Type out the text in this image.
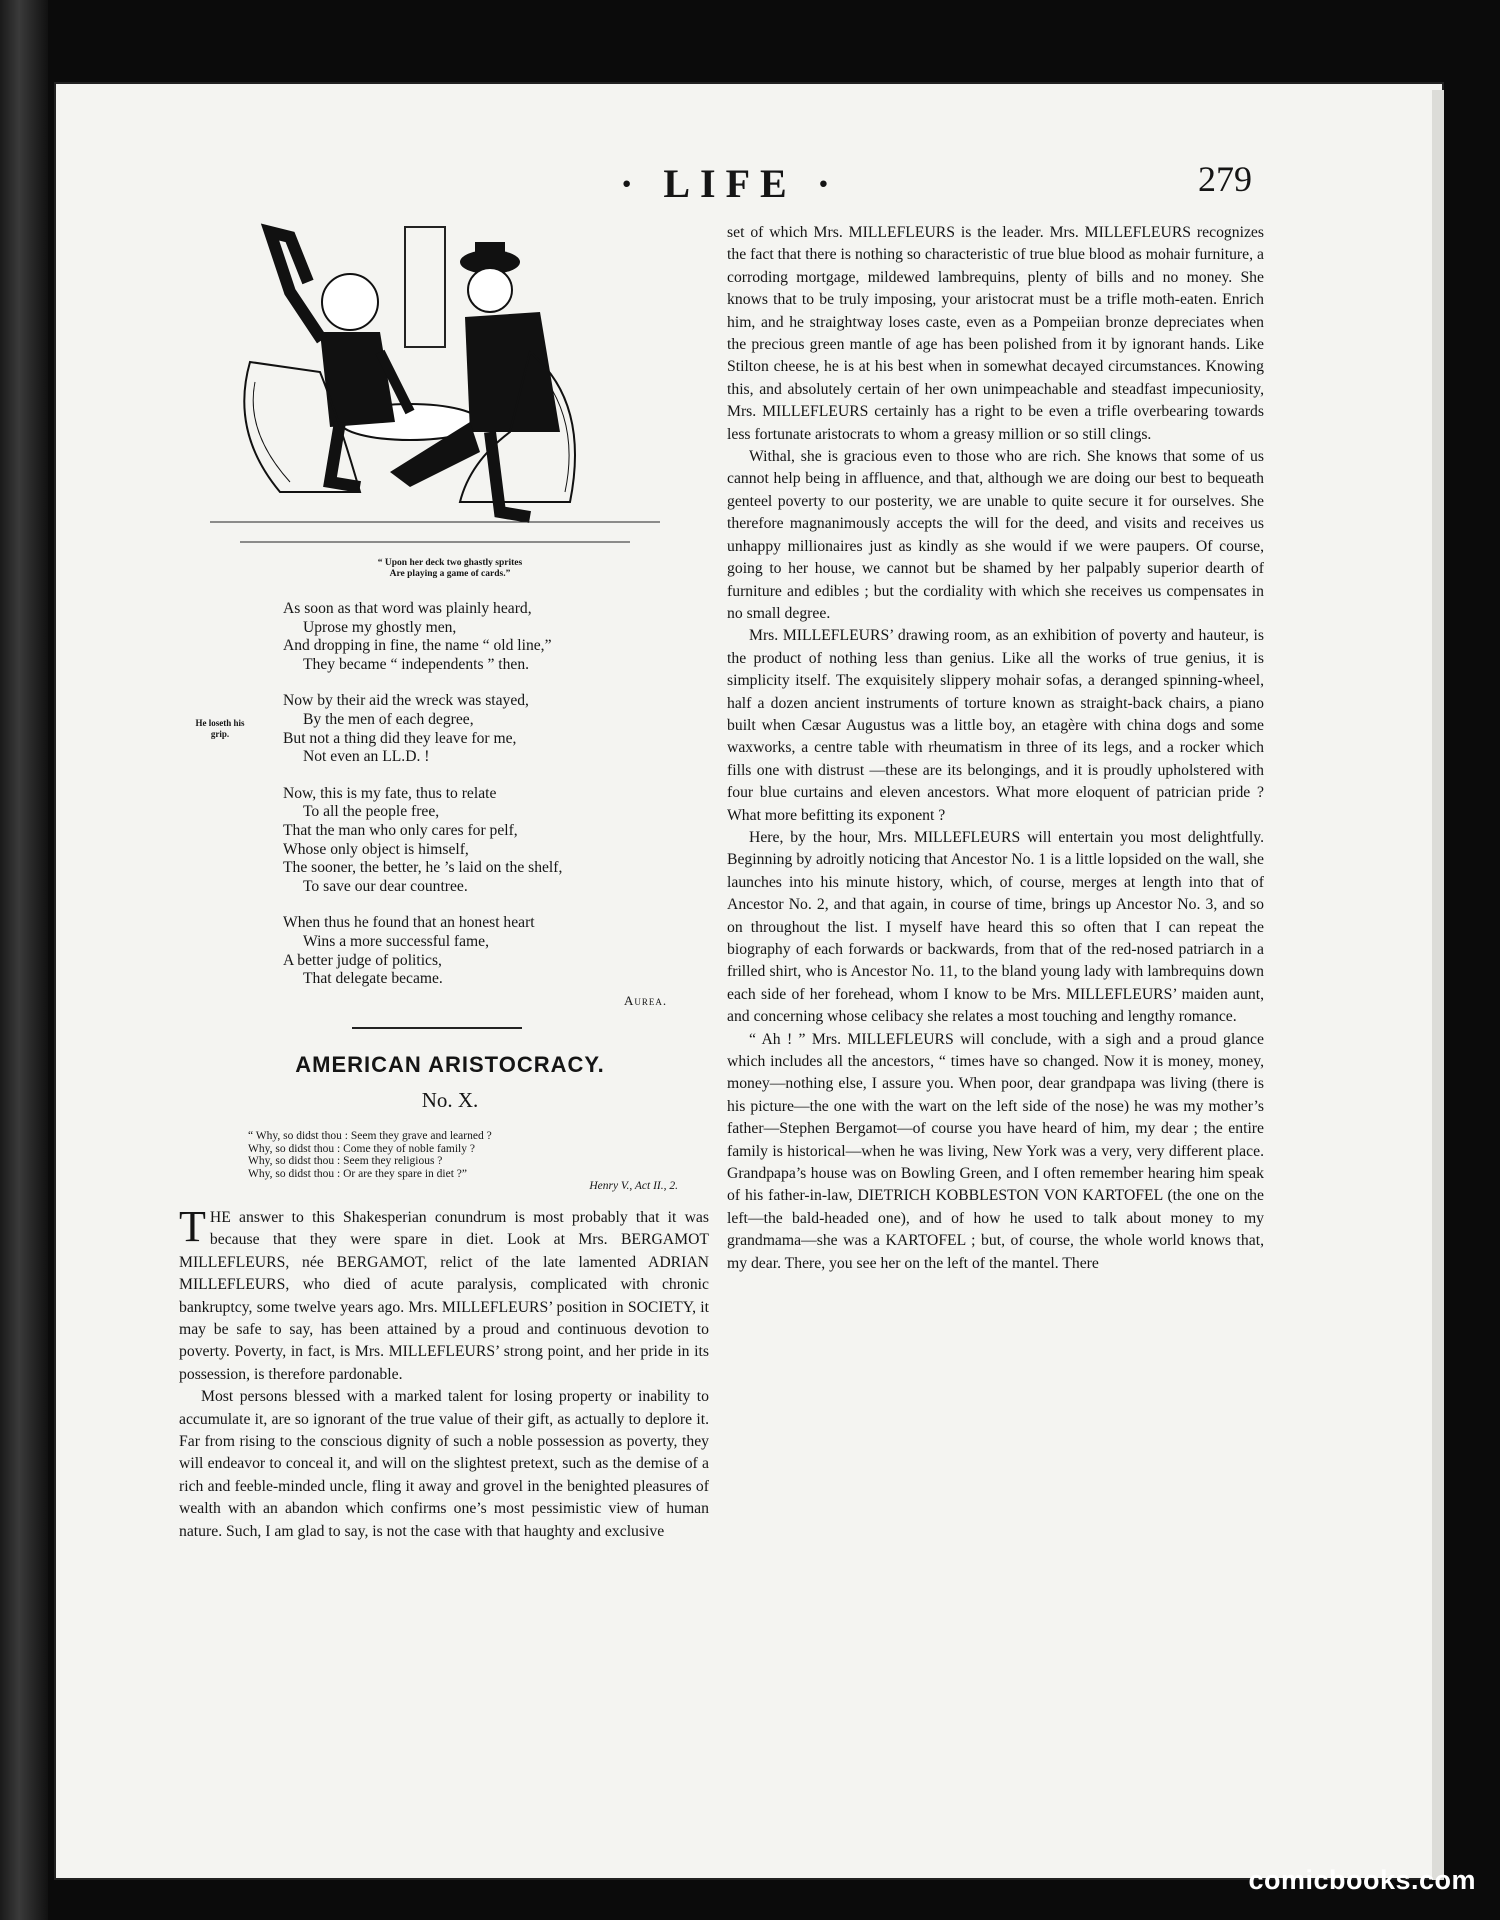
· LIFE ·	279
“ Upon her deck two ghastly sprites
Are playing a game of cards.”

As soon as that word was plainly heard,
Uprose my ghostly men,
And dropping in fine, the name “ old line,”
They became “ independents ” then.

Now by their aid the wreck was stayed,
By the men of each degree,
But not a thing did they leave for me,
Not even an LL.D. !

Now, this is my fate, thus to relate
To all the people free,
That the man who only cares for pelf,
Whose only object is himself,
The sooner, the better, he ’s laid on the shelf,
To save our dear countree.

When thus he found that an honest heart
Wins a more successful fame,
A better judge of politics,
That delegate became.

He loseth his
grip.
Aurea.
AMERICAN ARISTOCRACY.
No. X.
“ Why, so didst thou : Seem they grave and learned ?
Why, so didst thou : Come they of noble family ?
Why, so didst thou : Seem they religious ?
Why, so didst thou : Or are they spare in diet ?”
Henry V., Act II., 2.

THE answer to this Shakesperian conundrum is most probably that it was because that they were spare in diet. Look at Mrs. BERGAMOT MILLEFLEURS, née BERGAMOT, relict of the late lamented ADRIAN MILLEFLEURS, who died of acute paralysis, complicated with chronic bankruptcy, some twelve years ago. Mrs. MILLEFLEURS’ position in SOCIETY, it may be safe to say, has been attained by a proud and continuous devotion to poverty. Poverty, in fact, is Mrs. MILLEFLEURS’ strong point, and her pride in its possession, is therefore pardonable.

Most persons blessed with a marked talent for losing property or inability to accumulate it, are so ignorant of the true value of their gift, as actually to deplore it. Far from rising to the conscious dignity of such a noble possession as poverty, they will endeavor to conceal it, and will on the slightest pretext, such as the demise of a rich and feeble-minded uncle, fling it away and grovel in the benighted pleasures of wealth with an abandon which confirms one’s most pessimistic view of human nature. Such, I am glad to say, is not the case with that haughty and exclusive

set of which Mrs. MILLEFLEURS is the leader. Mrs. MILLEFLEURS recognizes the fact that there is nothing so characteristic of true blue blood as mohair furniture, a corroding mortgage, mildewed lambrequins, plenty of bills and no money. She knows that to be truly imposing, your aristocrat must be a trifle moth-eaten. Enrich him, and he straightway loses caste, even as a Pompeiian bronze depreciates when the precious green mantle of age has been polished from it by ignorant hands. Like Stilton cheese, he is at his best when in somewhat decayed circumstances. Knowing this, and absolutely certain of her own unimpeachable and steadfast impecuniosity, Mrs. MILLEFLEURS certainly has a right to be even a trifle overbearing towards less fortunate aristocrats to whom a greasy million or so still clings.

Withal, she is gracious even to those who are rich. She knows that some of us cannot help being in affluence, and that, although we are doing our best to bequeath genteel poverty to our posterity, we are unable to quite secure it for ourselves. She therefore magnanimously accepts the will for the deed, and visits and receives us unhappy millionaires just as kindly as she would if we were paupers. Of course, going to her house, we cannot but be shamed by her palpably superior dearth of furniture and edibles ; but the cordiality with which she receives us compensates in no small degree.

Mrs. MILLEFLEURS’ drawing room, as an exhibition of poverty and hauteur, is the product of nothing less than genius. Like all the works of true genius, it is simplicity itself. The exquisitely slippery mohair sofas, a deranged spinning-wheel, half a dozen ancient instruments of torture known as straight-back chairs, a piano built when Cæsar Augustus was a little boy, an etagère with china dogs and some waxworks, a centre table with rheumatism in three of its legs, and a rocker which fills one with distrust —these are its belongings, and it is proudly upholstered with four blue curtains and eleven ancestors. What more eloquent of patrician pride ? What more befitting its exponent ?

Here, by the hour, Mrs. MILLEFLEURS will entertain you most delightfully. Beginning by adroitly noticing that Ancestor No. 1 is a little lopsided on the wall, she launches into his minute history, which, of course, merges at length into that of Ancestor No. 2, and that again, in course of time, brings up Ancestor No. 3, and so on throughout the list. I myself have heard this so often that I can repeat the biography of each forwards or backwards, from that of the red-nosed patriarch in a frilled shirt, who is Ancestor No. 11, to the bland young lady with lambrequins down each side of her forehead, whom I know to be Mrs. MILLEFLEURS’ maiden aunt, and concerning whose celibacy she relates a most touching and lengthy romance.

“ Ah ! ” Mrs. MILLEFLEURS will conclude, with a sigh and a proud glance which includes all the ancestors, “ times have so changed. Now it is money, money, money—nothing else, I assure you. When poor, dear grandpapa was living (there is his picture—the one with the wart on the left side of the nose) he was my mother’s father—Stephen Bergamot—of course you have heard of him, my dear ; the entire family is historical—when he was living, New York was a very, very different place. Grandpapa’s house was on Bowling Green, and I often remember hearing him speak of his father-in-law, DIETRICH KOBBLESTON VON KARTOFEL (the one on the left—the bald-headed one), and of how he used to talk about money to my grandmama—she was a KARTOFEL ; but, of course, the whole world knows that, my dear. There, you see her on the left of the mantel. There

comicbooks.com
